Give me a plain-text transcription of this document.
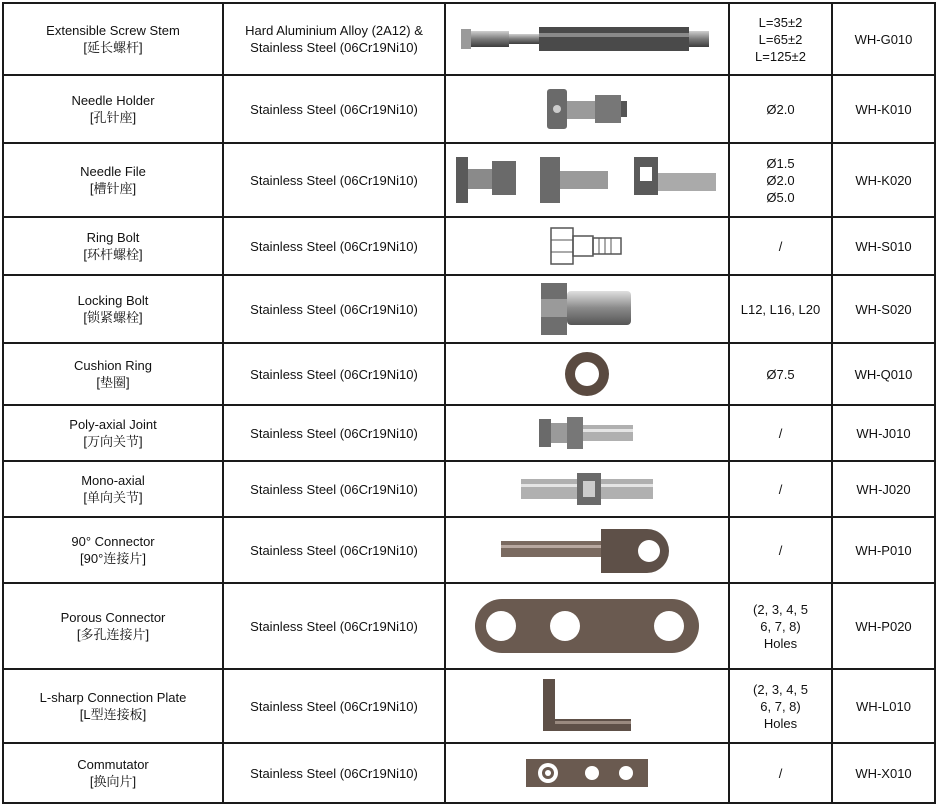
Extensible Screw Stem
[延长螺杆]	Hard Aluminium Alloy (2A12) &
Stainless Steel (06Cr19Ni10)		L=35±2
L=65±2
L=125±2	WH-G010

Needle Holder
[孔针座]	Stainless Steel (06Cr19Ni10)		Ø2.0	WH-K010

Needle File
[槽针座]	Stainless Steel (06Cr19Ni10)		Ø1.5
Ø2.0
Ø5.0	WH-K020

Ring Bolt
[环杆螺栓]	Stainless Steel (06Cr19Ni10)		/	WH-S010

Locking Bolt
[锁紧螺栓]	Stainless Steel (06Cr19Ni10)		L12, L16, L20	WH-S020

Cushion Ring
[垫圈]	Stainless Steel (06Cr19Ni10)		Ø7.5	WH-Q010

Poly-axial Joint
[万向关节]	Stainless Steel (06Cr19Ni10)		/	WH-J010

Mono-axial
[单向关节]	Stainless Steel (06Cr19Ni10)		/	WH-J020

90° Connector
[90°连接片]	Stainless Steel (06Cr19Ni10)		/	WH-P010

Porous Connector
[多孔连接片]	Stainless Steel (06Cr19Ni10)		(2, 3, 4, 5
6, 7, 8)
Holes	WH-P020

L-sharp Connection Plate
[L型连接板]	Stainless Steel (06Cr19Ni10)		(2, 3, 4, 5
6, 7, 8)
Holes	WH-L010

Commutator
[换向片]	Stainless Steel (06Cr19Ni10)		/	WH-X010
